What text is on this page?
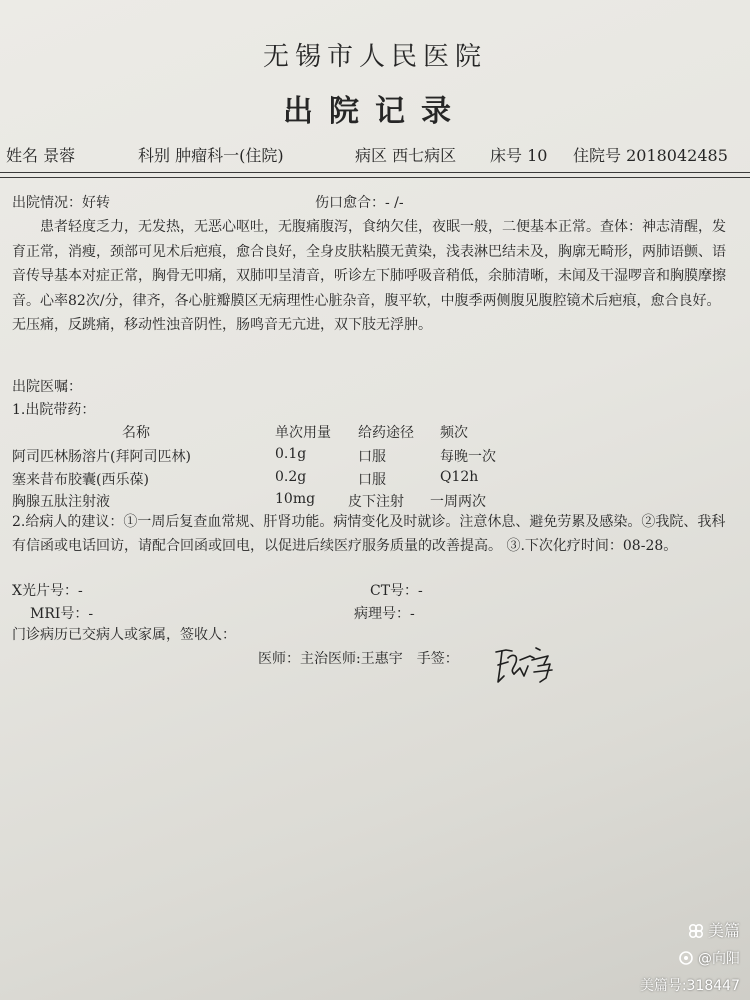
无锡市人民医院
出院记录
姓名 景蓉	科别 肿瘤科一(住院)	病区 西七病区 床号 10 住院号 2018042485
出院情况：好转	伤口愈合：- /-
患者轻度乏力，无发热，无恶心呕吐，无腹痛腹泻，食纳欠佳，夜眠一般，二便基本正常。查体：神志清醒，发育正常，消瘦，颈部可见术后疤痕，愈合良好，全身皮肤粘膜无黄染，浅表淋巴结未及，胸廓无畸形，两肺语颤、语音传导基本对症正常，胸骨无叩痛，双肺叩呈清音，听诊左下肺呼吸音稍低，余肺清晰，未闻及干湿啰音和胸膜摩擦音。心率82次/分，律齐，各心脏瓣膜区无病理性心脏杂音，腹平软，中腹季两侧腹见腹腔镜术后疤痕，愈合良好。无压痛，反跳痛，移动性浊音阴性，肠鸣音无亢进，双下肢无浮肿。
出院医嘱：
1.出院带药：
名称	单次用量 给药途径 频次
阿司匹林肠溶片(拜阿司匹林)	0.1g	口服	每晚一次
塞来昔布胶囊(西乐葆)	0.2g	口服	Q12h
胸腺五肽注射液	10mg 皮下注射 一周两次
2.给病人的建议：①一周后复查血常规、肝肾功能。病情变化及时就诊。注意休息、避免劳累及感染。②我院、我科有信函或电话回访，请配合回函或回电，以促进后续医疗服务质量的改善提高。 ③.下次化疗时间：08-28。
X光片号：-	CT号：-
MRI号：-	病理号：-
门诊病历已交病人或家属，签收人：
医师：主治医师:王惠宇　手签：
美篇
@向阳
美篇号:318447
